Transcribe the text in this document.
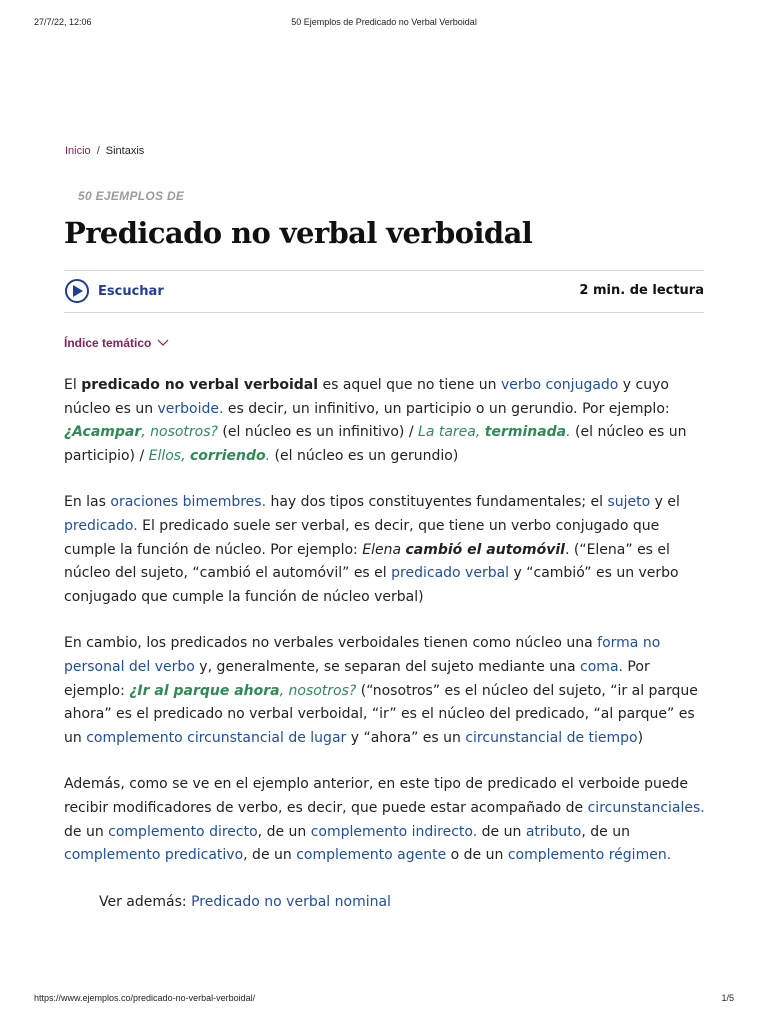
27/7/22, 12:06	50 Ejemplos de Predicado no Verbal Verboidal
Inicio / Sintaxis
50 EJEMPLOS DE
Predicado no verbal verboidal
Escuchar	2 min. de lectura
Índice temático

El predicado no verbal verboidal es aquel que no tiene un verbo conjugado y cuyo núcleo es un verboide. es decir, un infinitivo, un participio o un gerundio. Por ejemplo: ¿Acampar, nosotros? (el núcleo es un infinitivo) / La tarea, terminada. (el núcleo es un participio) / Ellos, corriendo. (el núcleo es un gerundio)

En las oraciones bimembres. hay dos tipos constituyentes fundamentales; el sujeto y el predicado. El predicado suele ser verbal, es decir, que tiene un verbo conjugado que cumple la función de núcleo. Por ejemplo: Elena cambió el automóvil. (“Elena” es el núcleo del sujeto, “cambió el automóvil” es el predicado verbal y “cambió” es un verbo conjugado que cumple la función de núcleo verbal)

En cambio, los predicados no verbales verboidales tienen como núcleo una forma no personal del verbo y, generalmente, se separan del sujeto mediante una coma. Por ejemplo: ¿Ir al parque ahora, nosotros? (“nosotros” es el núcleo del sujeto, “ir al parque ahora” es el predicado no verbal verboidal, “ir” es el núcleo del predicado, “al parque” es un complemento circunstancial de lugar y “ahora” es un circunstancial de tiempo)

Además, como se ve en el ejemplo anterior, en este tipo de predicado el verboide puede recibir modificadores de verbo, es decir, que puede estar acompañado de circunstanciales. de un complemento directo, de un complemento indirecto. de un atributo, de un complemento predicativo, de un complemento agente o de un complemento régimen.

Ver además: Predicado no verbal nominal

https://www.ejemplos.co/predicado-no-verbal-verboidal/	1/5
